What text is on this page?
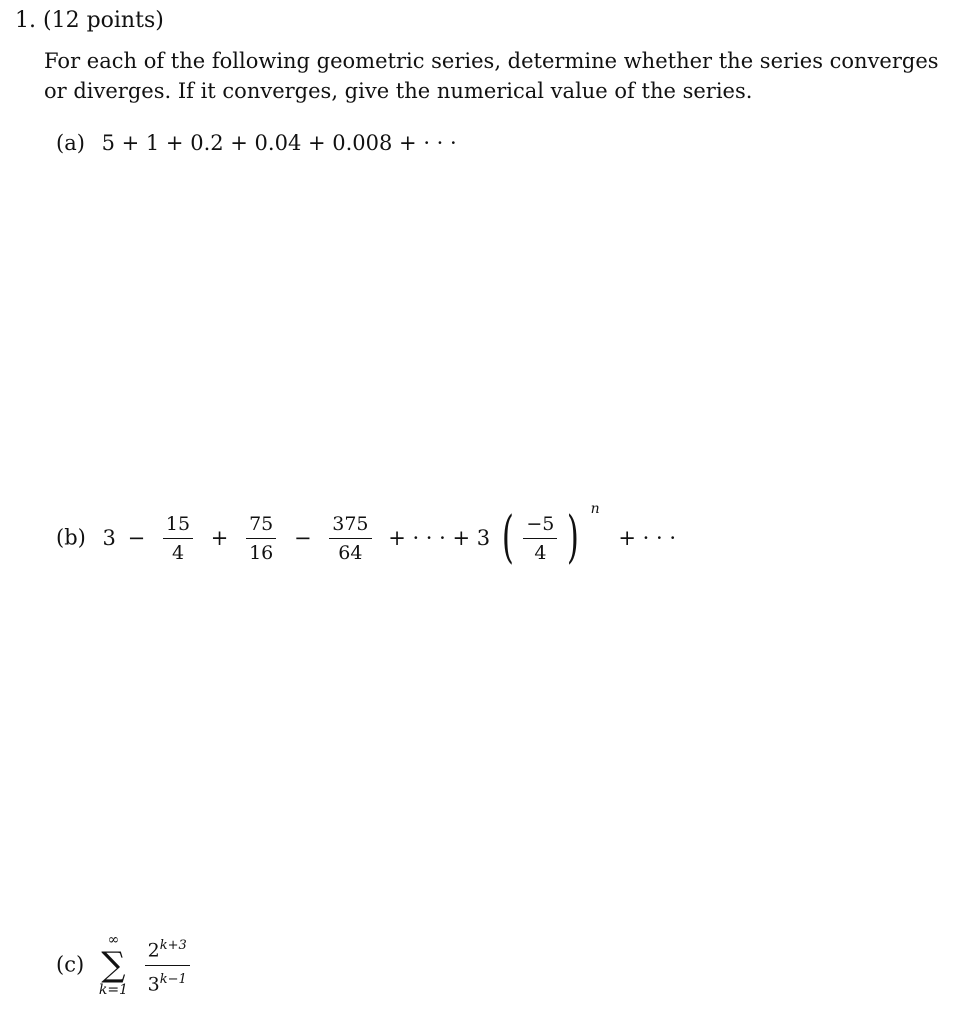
1. (12 points)
For each of the following geometric series, determine whether the series converges or diverges. If it converges, give the numerical value of the series.
(a) 5 + 1 + 0.2 + 0.04 + 0.008 + · · ·
(b) $3 - \frac{15}{4} + \frac{75}{16} - \frac{375}{64}$ + · · · + 3 ( $\frac{-5}{4}$ ) n + · · ·
(c)
∞
∑
k=1
$\frac{2^{k+3}}{3^{k-1}}$
